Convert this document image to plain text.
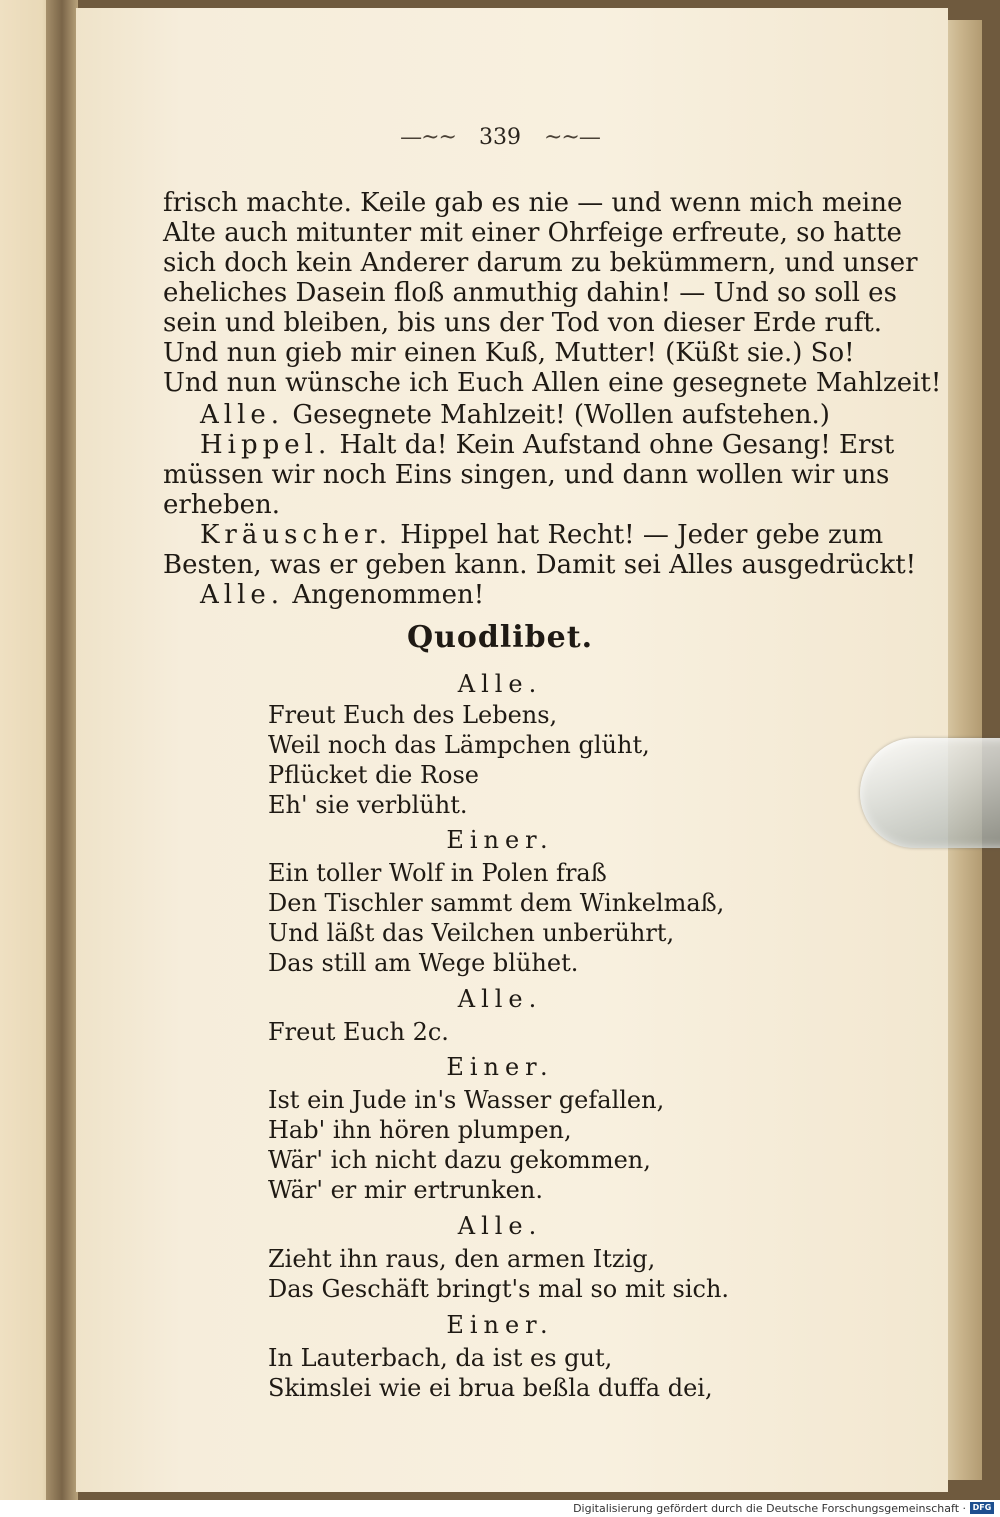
—~~ 339 ~~—
frisch machte. Keile gab es nie — und wenn mich meine
Alte auch mitunter mit einer Ohrfeige erfreute, so hatte
sich doch kein Anderer darum zu bekümmern, und unser
eheliches Dasein floß anmuthig dahin! — Und so soll es
sein und bleiben, bis uns der Tod von dieser Erde ruft.
Und nun gieb mir einen Kuß, Mutter! (Küßt sie.) So!
Und nun wünsche ich Euch Allen eine gesegnete Mahlzeit!
Alle. Gesegnete Mahlzeit! (Wollen aufstehen.)
Hippel. Halt da! Kein Aufstand ohne Gesang! Erst
müssen wir noch Eins singen, und dann wollen wir uns
erheben.
Kräuscher. Hippel hat Recht! — Jeder gebe zum
Besten, was er geben kann. Damit sei Alles ausgedrückt!
Alle. Angenommen!
Quodlibet.
Alle.
Freut Euch des Lebens,
Weil noch das Lämpchen glüht,
Pflücket die Rose
Eh' sie verblüht.
Einer.
Ein toller Wolf in Polen fraß
Den Tischler sammt dem Winkelmaß,
Und läßt das Veilchen unberührt,
Das still am Wege blühet.
Alle.
Freut Euch 2c.
Einer.
Ist ein Jude in's Wasser gefallen,
Hab' ihn hören plumpen,
Wär' ich nicht dazu gekommen,
Wär' er mir ertrunken.
Alle.
Zieht ihn raus, den armen Itzig,
Das Geschäft bringt's mal so mit sich.
Einer.
In Lauterbach, da ist es gut,
Skimslei wie ei brua beßla duffa dei,
Digitalisierung gefördert durch die Deutsche Forschungsgemeinschaft · DFG
